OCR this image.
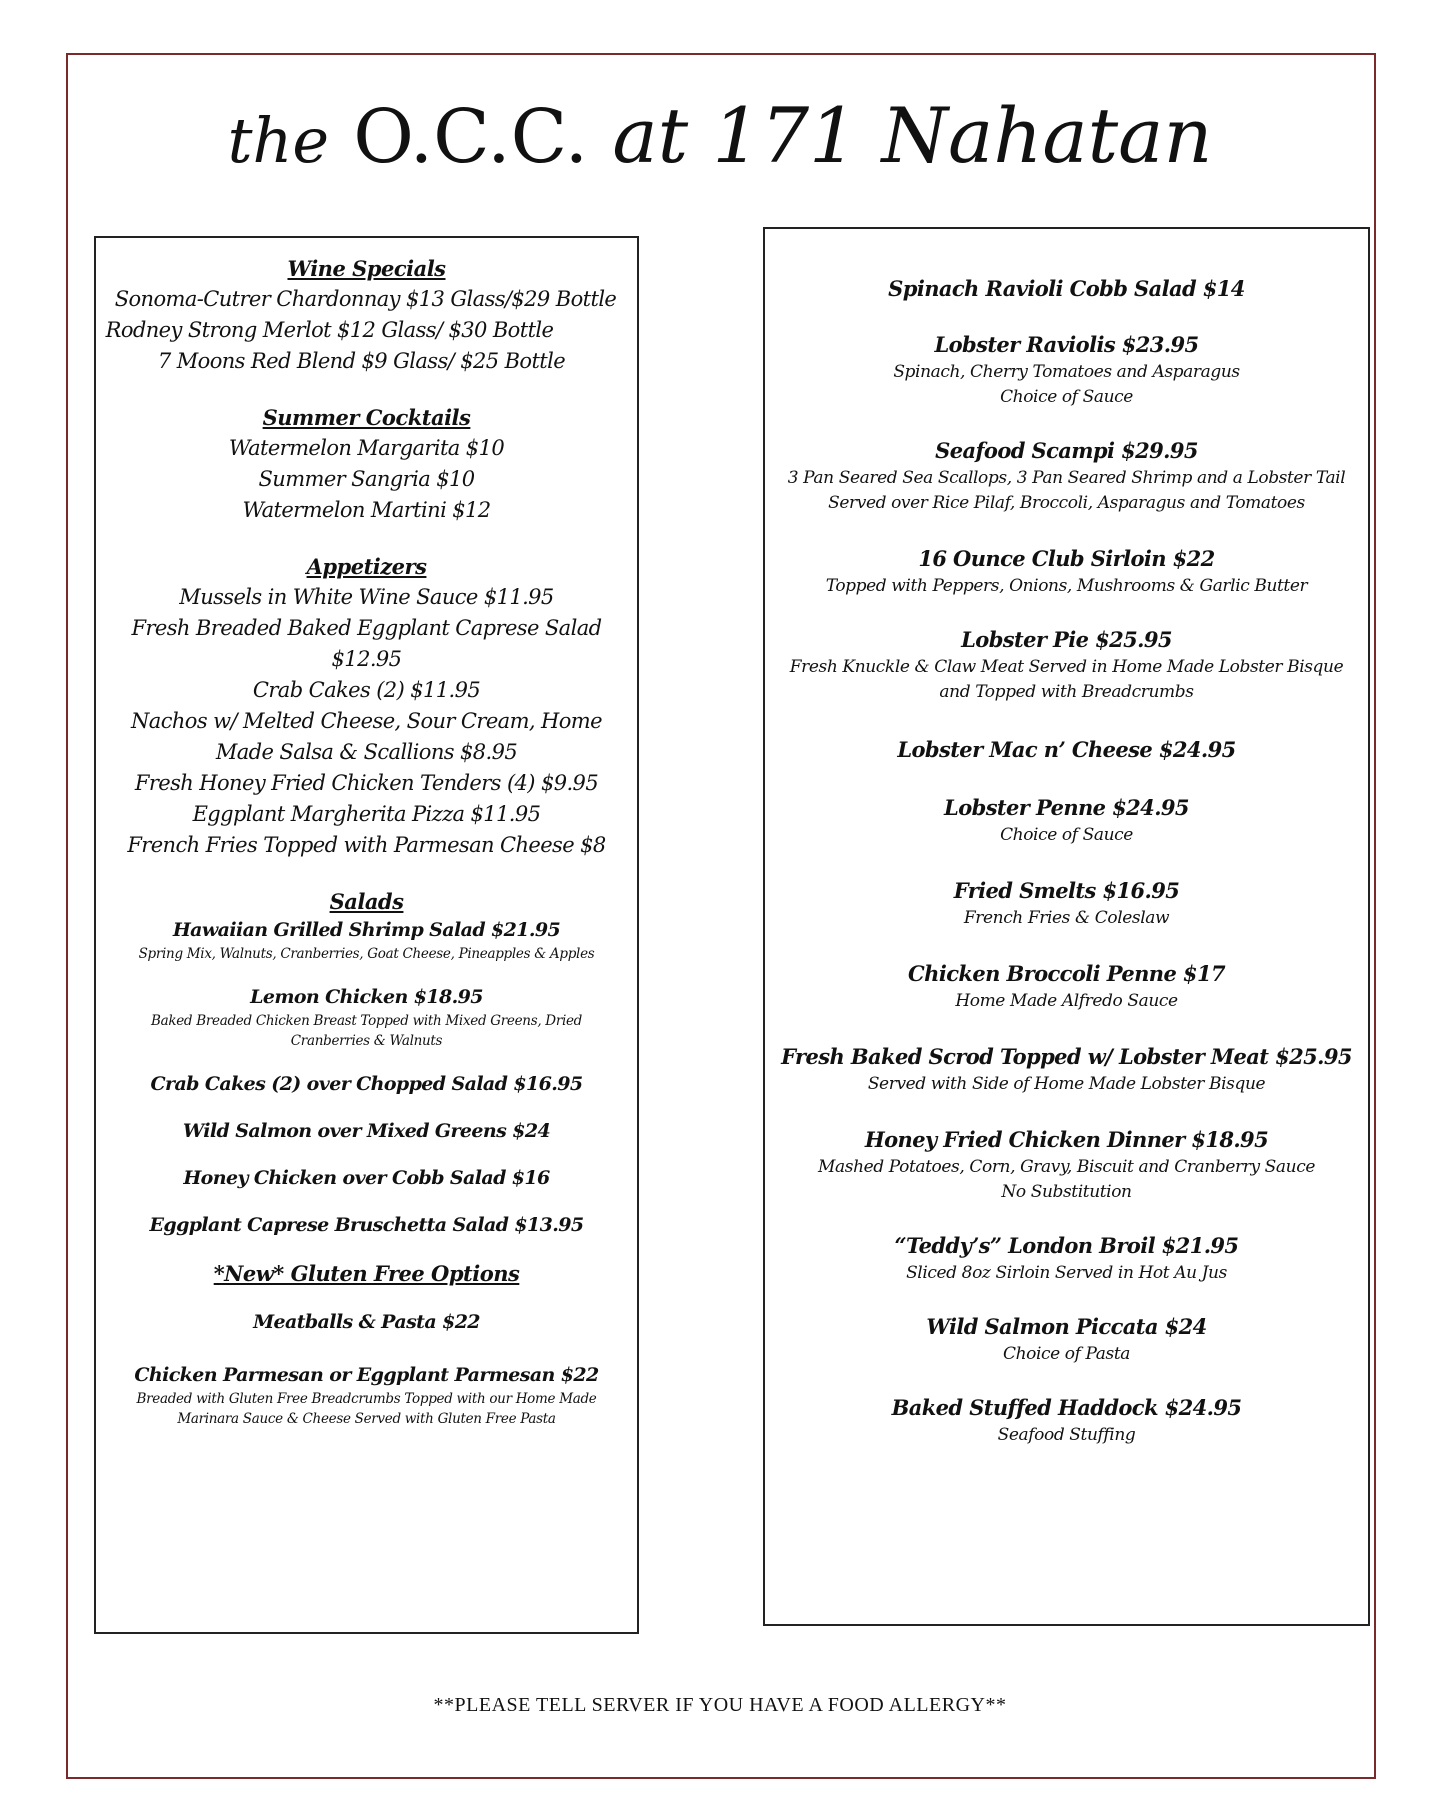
the O.C.C. at 171 Nahatan
Wine Specials
Sonoma-Cutrer Chardonnay $13 Glass/$29 Bottle
Rodney Strong Merlot $12 Glass/ $30 Bottle
7 Moons Red Blend $9 Glass/ $25 Bottle
Summer Cocktails
Watermelon Margarita $10
Summer Sangria $10
Watermelon Martini $12
Appetizers
Mussels in White Wine Sauce $11.95
Fresh Breaded Baked Eggplant Caprese Salad
$12.95
Crab Cakes (2) $11.95
Nachos w/ Melted Cheese, Sour Cream, Home
Made Salsa & Scallions $8.95
Fresh Honey Fried Chicken Tenders (4) $9.95
Eggplant Margherita Pizza $11.95
French Fries Topped with Parmesan Cheese $8
Salads
Hawaiian Grilled Shrimp Salad $21.95
Spring Mix, Walnuts, Cranberries, Goat Cheese, Pineapples & Apples
Lemon Chicken $18.95
Baked Breaded Chicken Breast Topped with Mixed Greens, Dried Cranberries & Walnuts
Crab Cakes (2) over Chopped Salad $16.95
Wild Salmon over Mixed Greens $24
Honey Chicken over Cobb Salad $16
Eggplant Caprese Bruschetta Salad $13.95
*New* Gluten Free Options
Meatballs & Pasta $22
Chicken Parmesan or Eggplant Parmesan $22
Breaded with Gluten Free Breadcrumbs Topped with our Home Made Marinara Sauce & Cheese Served with Gluten Free Pasta
Spinach Ravioli Cobb Salad $14
Lobster Raviolis $23.95
Spinach, Cherry Tomatoes and Asparagus
Choice of Sauce
Seafood Scampi $29.95
3 Pan Seared Sea Scallops, 3 Pan Seared Shrimp and a Lobster Tail
Served over Rice Pilaf, Broccoli, Asparagus and Tomatoes
16 Ounce Club Sirloin $22
Topped with Peppers, Onions, Mushrooms & Garlic Butter
Lobster Pie $25.95
Fresh Knuckle & Claw Meat Served in Home Made Lobster Bisque
and Topped with Breadcrumbs
Lobster Mac n’ Cheese $24.95
Lobster Penne $24.95
Choice of Sauce
Fried Smelts $16.95
French Fries & Coleslaw
Chicken Broccoli Penne $17
Home Made Alfredo Sauce
Fresh Baked Scrod Topped w/ Lobster Meat $25.95
Served with Side of Home Made Lobster Bisque
Honey Fried Chicken Dinner $18.95
Mashed Potatoes, Corn, Gravy, Biscuit and Cranberry Sauce
No Substitution
“Teddy’s” London Broil $21.95
Sliced 8oz Sirloin Served in Hot Au Jus
Wild Salmon Piccata $24
Choice of Pasta
Baked Stuffed Haddock $24.95
Seafood Stuffing
**PLEASE TELL SERVER IF YOU HAVE A FOOD ALLERGY**
